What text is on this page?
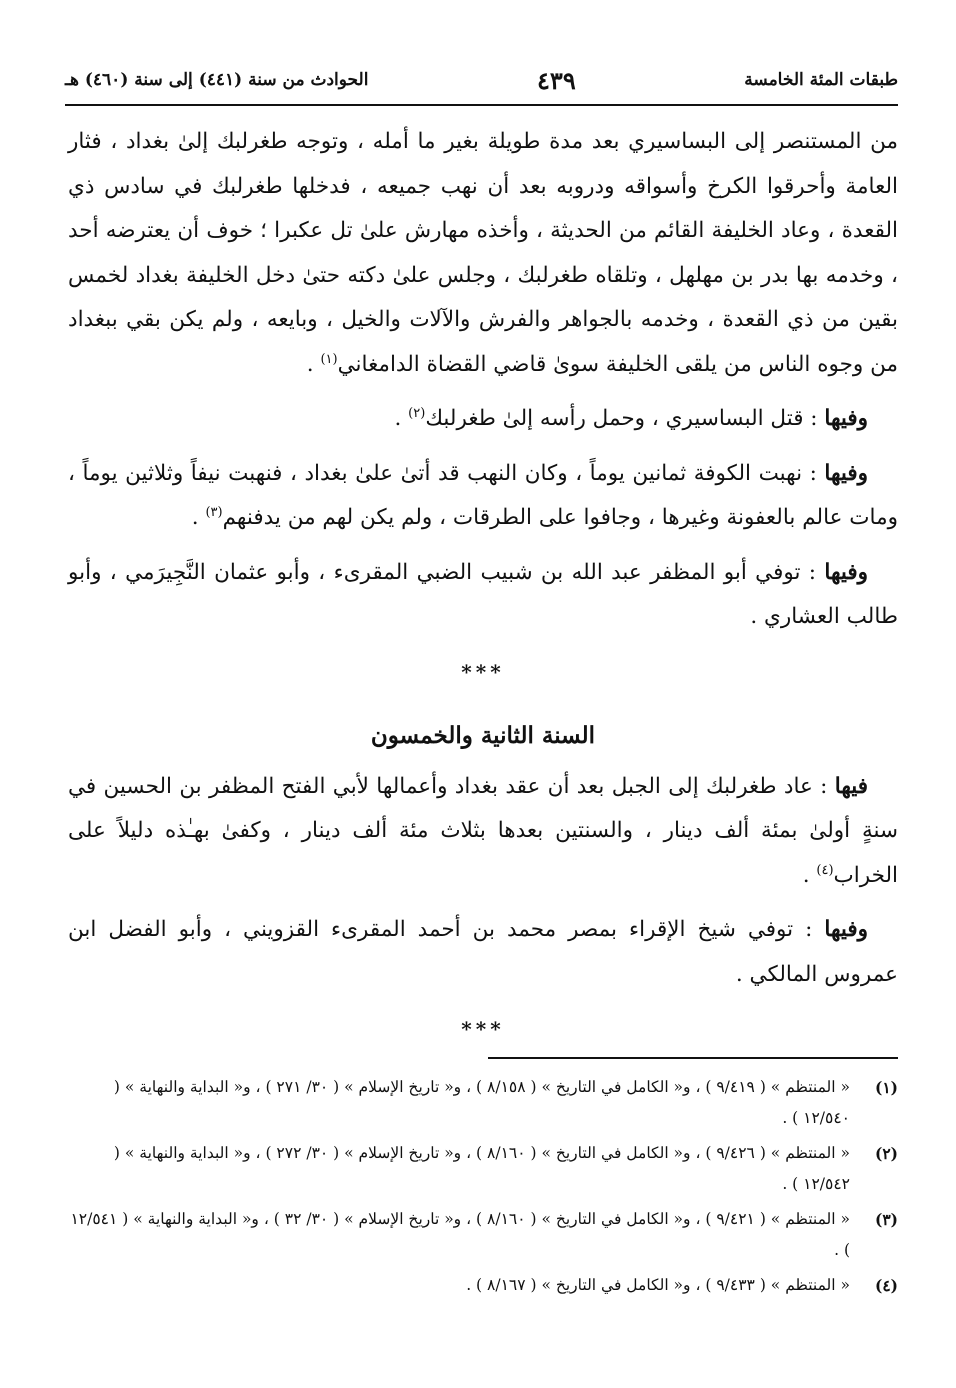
طبقات المئة الخامسة
٤٣٩
الحوادث من سنة (٤٤١) إلى سنة (٤٦٠) هـ

من المستنصر إلى البساسيري بعد مدة طويلة بغير ما أمله ، وتوجه طغرلبك إلىٰ بغداد ، فثار العامة وأحرقوا الكرخ وأسواقه ودروبه بعد أن نهب جميعه ، فدخلها طغرلبك في سادس ذي القعدة ، وعاد الخليفة القائم من الحديثة ، وأخذه مهارش علىٰ تل عكبرا ؛ خوف أن يعترضه أحد ، وخدمه بها بدر بن مهلهل ، وتلقاه طغرلبك ، وجلس علىٰ دكته حتىٰ دخل الخليفة بغداد لخمس بقين من ذي القعدة ، وخدمه بالجواهر والفرش والآلات والخيل ، وبايعه ، ولم يكن بقي ببغداد من وجوه الناس من يلقى الخليفة سوىٰ قاضي القضاة الدامغاني$^{(١)}$ .

وفيها : قتل البساسيري ، وحمل رأسه إلىٰ طغرلبك$^{(٢)}$ .

وفيها : نهبت الكوفة ثمانين يوماً ، وكان النهب قد أتىٰ علىٰ بغداد ، فنهبت نيفاً وثلاثين يوماً ، ومات عالم بالعفونة وغيرها ، وجافوا على الطرقات ، ولم يكن لهم من يدفنهم$^{(٣)}$ .

وفيها : توفي أبو المظفر عبد الله بن شبيب الضبي المقرىء ، وأبو عثمان النَّجِيرَمي ، وأبو طالب العشاري .

***
السنة الثانية والخمسون

فيها : عاد طغرلبك إلى الجبل بعد أن عقد بغداد وأعمالها لأبي الفتح المظفر بن الحسين في سنةٍ أولىٰ بمئة ألف دينار ، والسنتين بعدها بثلاث مئة ألف دينار ، وكفىٰ بهـٰذه دليلاً على الخراب$^{(٤)}$ .

وفيها : توفي شيخ الإقراء بمصر محمد بن أحمد المقرىء القزويني ، وأبو الفضل ابن عمروس المالكي .

***
(١)
« المنتظم » ( ٩/٤١٩ ) ، و« الكامل في التاريخ » ( ٨/١٥٨ ) ، و« تاريخ الإسلام » ( ٣٠/ ٢٧١ ) ، و« البداية والنهاية » ( ١٢/٥٤٠ ) .
(٢)
« المنتظم » ( ٩/٤٢٦ ) ، و« الكامل في التاريخ » ( ٨/١٦٠ ) ، و« تاريخ الإسلام » ( ٣٠/ ٢٧٢ ) ، و« البداية والنهاية » ( ١٢/٥٤٢ ) .
(٣)
« المنتظم » ( ٩/٤٢١ ) ، و« الكامل في التاريخ » ( ٨/١٦٠ ) ، و« تاريخ الإسلام » ( ٣٠/ ٣٢ ) ، و« البداية والنهاية » ( ١٢/٥٤١ ) .
(٤)
« المنتظم » ( ٩/٤٣٣ ) ، و« الكامل في التاريخ » ( ٨/١٦٧ ) .
